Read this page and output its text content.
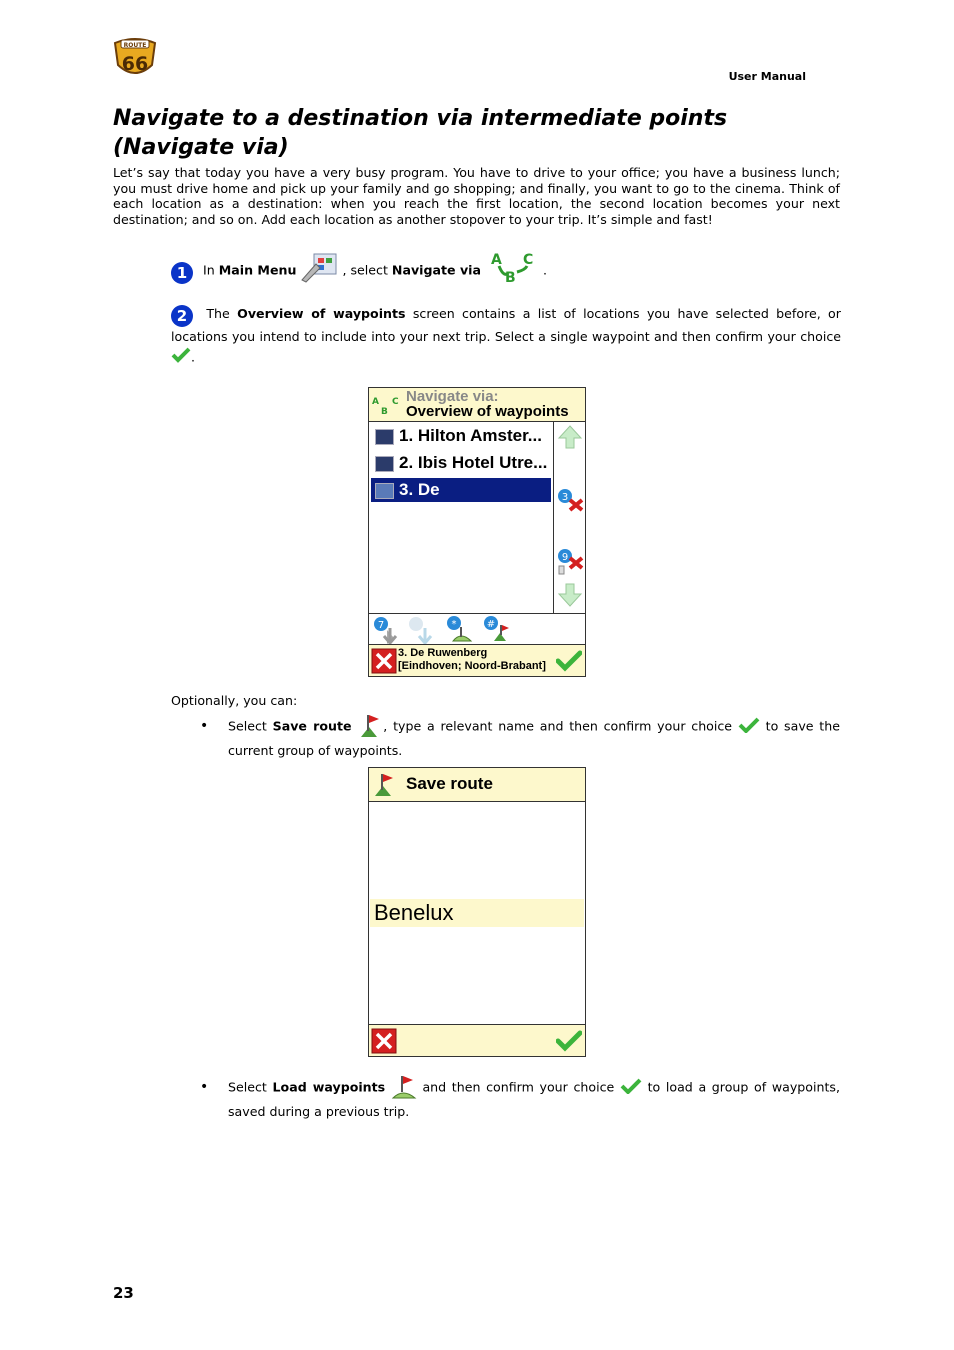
ROUTE
66
User Manual
Navigate to a destination via intermediate points (Navigate via)
Let’s say that today you have a very busy program. You have to drive to your office; you have a business lunch; you must drive home and pick up your family and go shopping; and finally, you want to go to the cinema. Think of each location as a destination: when you reach the first location, the second location becomes your next destination; and so on. Add each location as another stopover to your trip. It’s simple and fast!
1 In Main Menu	, select Navigate via
A
B
C
.
2 The Overview of waypoints screen contains a list of locations you have selected before, or locations you intend to include into your next trip. Select a single waypoint and then confirm your choice .
A
B
C Navigate via:
Overview of waypoints
1. Hilton Amster...
2. Ibis Hotel Utre...
3. De Ruwenberg...
3
9
7	*	#
3. De Ruwenberg [Eindhoven; Noord-Brabant]
Optionally, you can:
• Select Save route	, type a relevant name and then confirm your choice	to save the current group of waypoints.
Save route
Benelux
• Select Load waypoints	and then confirm your choice	to load a group of waypoints, saved during a previous trip.
23
